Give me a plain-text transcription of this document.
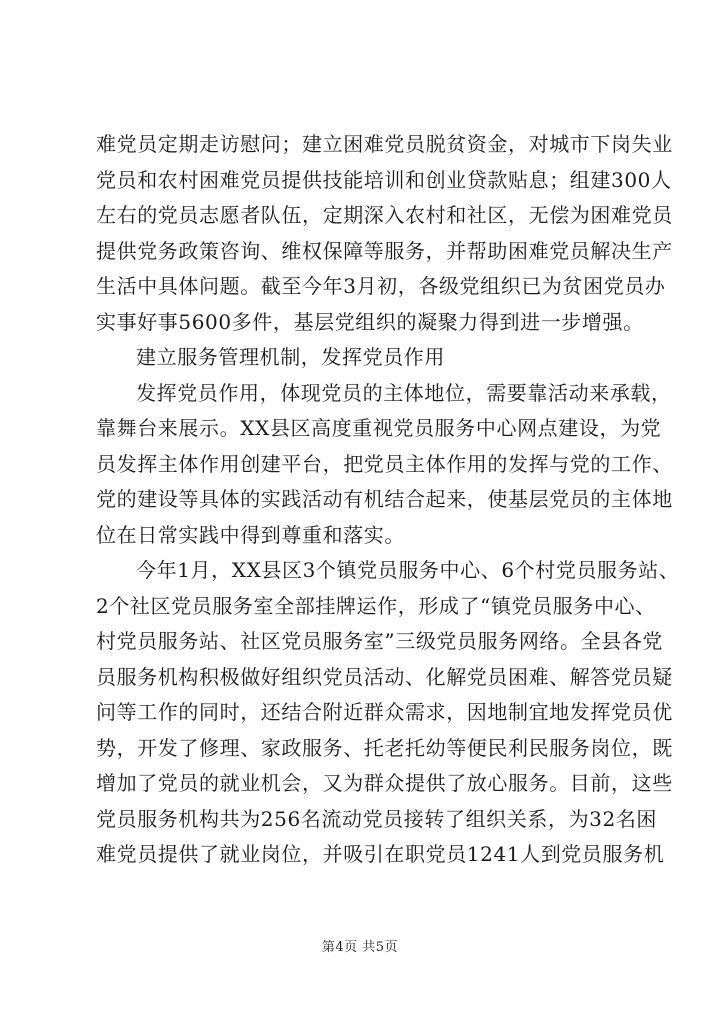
难党员定期走访慰问；建立困难党员脱贫资金，对城市下岗失业
党员和农村困难党员提供技能培训和创业贷款贴息；组建300人
左右的党员志愿者队伍，定期深入农村和社区，无偿为困难党员
提供党务政策咨询、维权保障等服务，并帮助困难党员解决生产
生活中具体问题。截至今年3月初，各级党组织已为贫困党员办
实事好事5600多件，基层党组织的凝聚力得到进一步增强。
建立服务管理机制，发挥党员作用
发挥党员作用，体现党员的主体地位，需要靠活动来承载，
靠舞台来展示。XX县区高度重视党员服务中心网点建设，为党
员发挥主体作用创建平台，把党员主体作用的发挥与党的工作、
党的建设等具体的实践活动有机结合起来，使基层党员的主体地
位在日常实践中得到尊重和落实。
今年1月，XX县区3个镇党员服务中心、6个村党员服务站、
2个社区党员服务室全部挂牌运作，形成了“镇党员服务中心、
村党员服务站、社区党员服务室”三级党员服务网络。全县各党
员服务机构积极做好组织党员活动、化解党员困难、解答党员疑
问等工作的同时，还结合附近群众需求，因地制宜地发挥党员优
势，开发了修理、家政服务、托老托幼等便民利民服务岗位，既
增加了党员的就业机会，又为群众提供了放心服务。目前，这些
党员服务机构共为256名流动党员接转了组织关系，为32名困
难党员提供了就业岗位，并吸引在职党员1241人到党员服务机
第4页 共5页
